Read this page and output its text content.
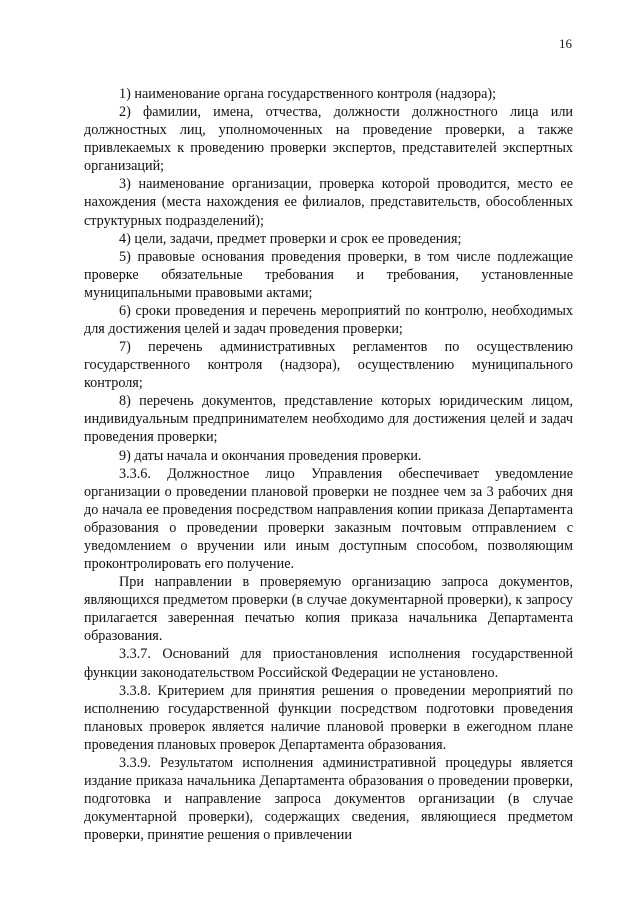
16

1) наименование органа государственного контроля (надзора);

2) фамилии, имена, отчества, должности должностного лица или должностных лиц, уполномоченных на проведение проверки, а также привлекаемых к проведению проверки экспертов, представителей экспертных организаций;

3) наименование организации, проверка которой проводится, место ее нахождения (места нахождения ее филиалов, представительств, обособленных структурных подразделений);

4) цели, задачи, предмет проверки и срок ее проведения;

5) правовые основания проведения проверки, в том числе подлежащие проверке обязательные требования и требования, установленные муниципальными правовыми актами;

6) сроки проведения и перечень мероприятий по контролю, необходимых для достижения целей и задач проведения проверки;

7) перечень административных регламентов по осуществлению государственного контроля (надзора), осуществлению муниципального контроля;

8) перечень документов, представление которых юридическим лицом, индивидуальным предпринимателем необходимо для достижения целей и задач проведения проверки;

9) даты начала и окончания проведения проверки.

3.3.6. Должностное лицо Управления обеспечивает уведомление организации о проведении плановой проверки не позднее чем за 3 рабочих дня до начала ее проведения посредством направления копии приказа Департамента образования о проведении проверки заказным почтовым отправлением с уведомлением о вручении или иным доступным способом, позволяющим проконтролировать его получение.

При направлении в проверяемую организацию запроса документов, являющихся предметом проверки (в случае документарной проверки), к запросу прилагается заверенная печатью копия приказа начальника Департамента образования.

3.3.7. Оснований для приостановления исполнения государственной функции законодательством Российской Федерации не установлено.

3.3.8. Критерием для принятия решения о проведении мероприятий по исполнению государственной функции посредством подготовки проведения плановых проверок является наличие плановой проверки в ежегодном плане проведения плановых проверок Департамента образования.

3.3.9. Результатом исполнения административной процедуры является издание приказа начальника Департамента образования о проведении проверки, подготовка и направление запроса документов организации (в случае документарной проверки), содержащих сведения, являющиеся предметом проверки, принятие решения о привлечении
